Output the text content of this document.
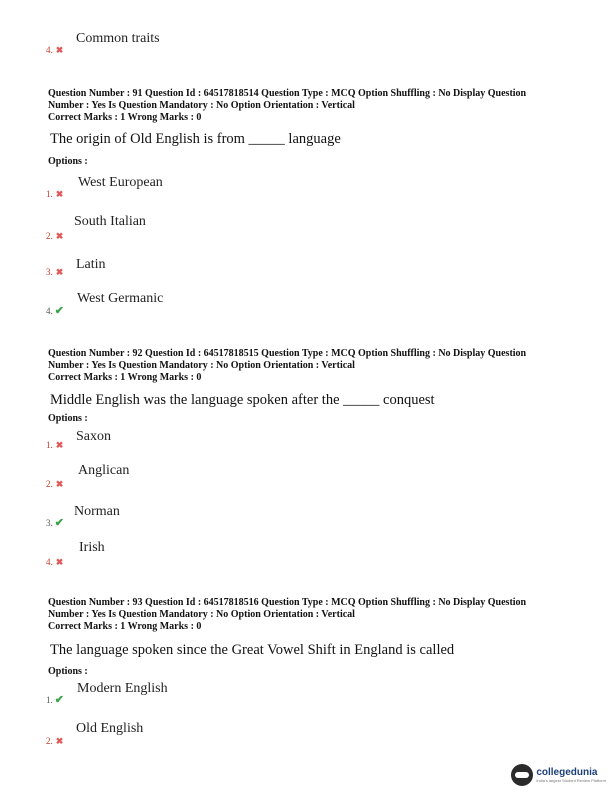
4. ✖
Common traits
Question Number : 91 Question Id : 64517818514 Question Type : MCQ Option Shuffling : No Display Question
Number : Yes Is Question Mandatory : No Option Orientation : Vertical
Correct Marks : 1 Wrong Marks : 0
The origin of Old English is from _____ language
Options :
1. ✖
West European
2. ✖
South Italian
3. ✖ Latin
4. ✔
West Germanic
Question Number : 92 Question Id : 64517818515 Question Type : MCQ Option Shuffling : No Display Question
Number : Yes Is Question Mandatory : No Option Orientation : Vertical
Correct Marks : 1 Wrong Marks : 0
Middle English was the language spoken after the _____ conquest
Options :
1. ✖
Saxon
2. ✖
Anglican
3. ✔
Norman
4. ✖
Irish
Question Number : 93 Question Id : 64517818516 Question Type : MCQ Option Shuffling : No Display Question
Number : Yes Is Question Mandatory : No Option Orientation : Vertical
Correct Marks : 1 Wrong Marks : 0
The language spoken since the Great Vowel Shift in England is called
Options :
1. ✔
Modern English
2. ✖
Old English
collegedunia
India's largest Student Review Platform
